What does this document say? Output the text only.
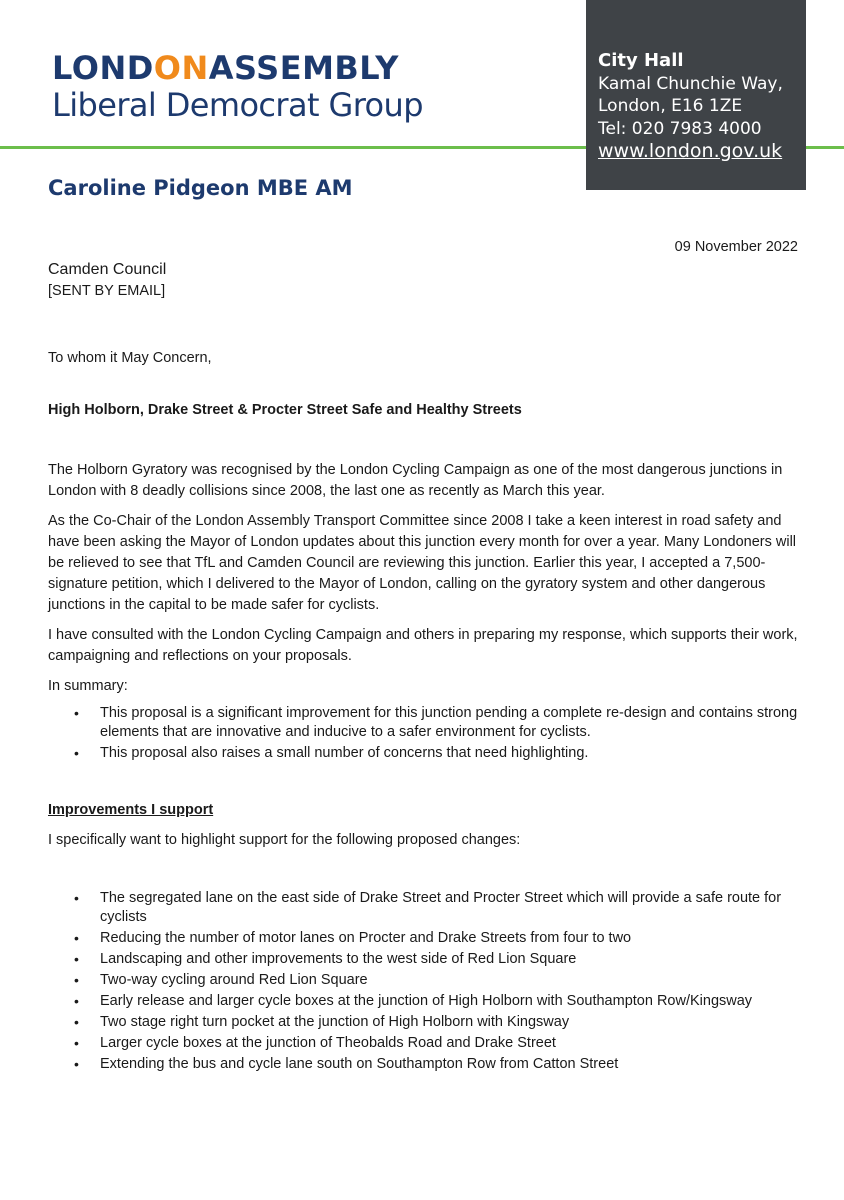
LONDONASSEMBLY
Liberal Democrat Group
City Hall
Kamal Chunchie Way,
London, E16 1ZE
Tel: 020 7983 4000
www.london.gov.uk
Caroline Pidgeon MBE AM
09 November 2022
Camden Council
[SENT BY EMAIL]

To whom it May Concern,

High Holborn, Drake Street & Procter Street Safe and Healthy Streets

The Holborn Gyratory was recognised by the London Cycling Campaign as one of the most dangerous junctions in London with 8 deadly collisions since 2008, the last one as recently as March this year.

As the Co-Chair of the London Assembly Transport Committee since 2008 I take a keen interest in road safety and have been asking the Mayor of London updates about this junction every month for over a year. Many Londoners will be relieved to see that TfL and Camden Council are reviewing this junction. Earlier this year, I accepted a 7,500-signature petition, which I delivered to the Mayor of London, calling on the gyratory system and other dangerous junctions in the capital to be made safer for cyclists.

I have consulted with the London Cycling Campaign and others in preparing my response, which supports their work, campaigning and reflections on your proposals.

In summary:

• This proposal is a significant improvement for this junction pending a complete re-design and contains strong elements that are innovative and inducive to a safer environment for cyclists.
• This proposal also raises a small number of concerns that need highlighting.

Improvements I support

I specifically want to highlight support for the following proposed changes:

• The segregated lane on the east side of Drake Street and Procter Street which will provide a safe route for cyclists
• Reducing the number of motor lanes on Procter and Drake Streets from four to two
• Landscaping and other improvements to the west side of Red Lion Square
• Two-way cycling around Red Lion Square
• Early release and larger cycle boxes at the junction of High Holborn with Southampton Row/Kingsway
• Two stage right turn pocket at the junction of High Holborn with Kingsway
• Larger cycle boxes at the junction of Theobalds Road and Drake Street
• Extending the bus and cycle lane south on Southampton Row from Catton Street
